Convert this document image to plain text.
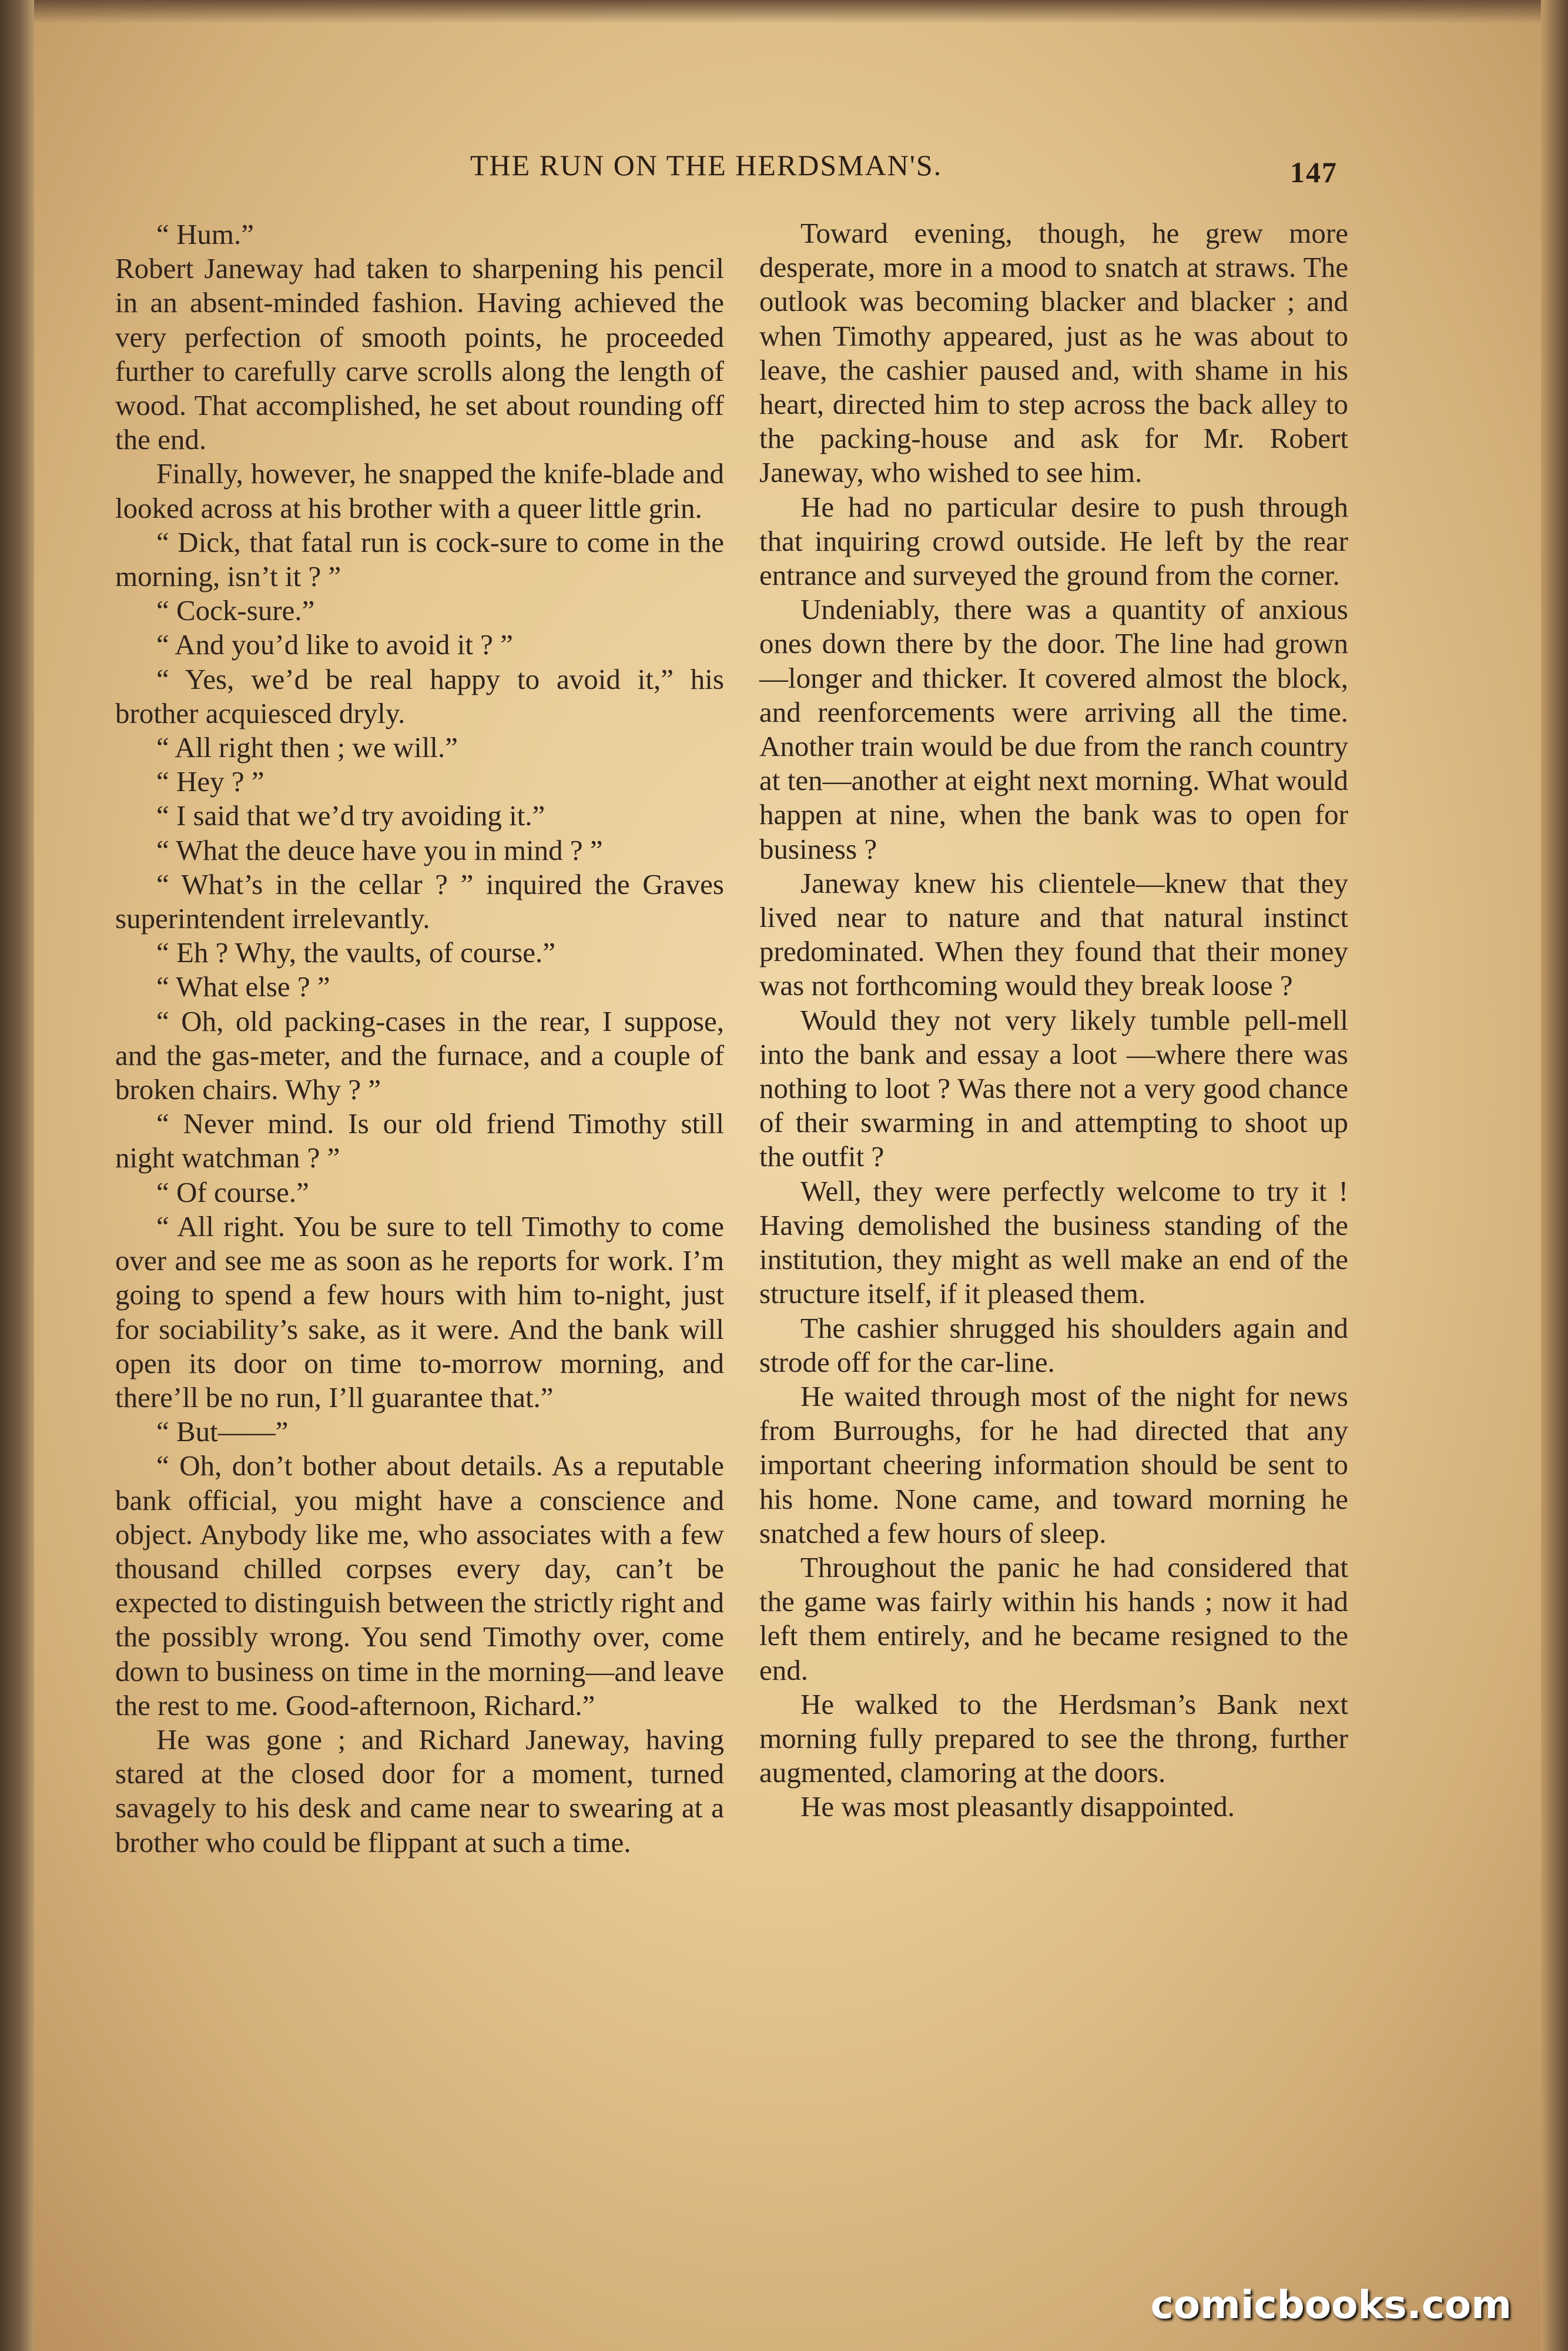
THE RUN ON THE HERDSMAN'S.	147

“ Hum.”

Robert Janeway had taken to sharpening his pencil in an absent-minded fashion. Having achieved the very perfection of smooth points, he proceeded further to carefully carve scrolls along the length of wood. That accomplished, he set about rounding off the end.

Finally, however, he snapped the knife-blade and looked across at his brother with a queer little grin.

“ Dick, that fatal run is cock-sure to come in the morning, isn’t it ? ”

“ Cock-sure.”

“ And you’d like to avoid it ? ”

“ Yes, we’d be real happy to avoid it,” his brother acquiesced dryly.

“ All right then ; we will.”

“ Hey ? ”

“ I said that we’d try avoiding it.”

“ What the deuce have you in mind ? ”

“ What’s in the cellar ? ” inquired the Graves superintendent irrelevantly.

“ Eh ? Why, the vaults, of course.”

“ What else ? ”

“ Oh, old packing-cases in the rear, I suppose, and the gas-meter, and the furnace, and a couple of broken chairs. Why ? ”

“ Never mind. Is our old friend Timothy still night watchman ? ”

“ Of course.”

“ All right. You be sure to tell Timothy to come over and see me as soon as he reports for work. I’m going to spend a few hours with him to-night, just for sociability’s sake, as it were. And the bank will open its door on time to-morrow morning, and there’ll be no run, I’ll guarantee that.”

“ But——”

“ Oh, don’t bother about details. As a reputable bank official, you might have a conscience and object. Anybody like me, who associates with a few thousand chilled corpses every day, can’t be expected to distinguish between the strictly right and the possibly wrong. You send Timothy over, come down to business on time in the morning—and leave the rest to me. Good-afternoon, Richard.”

He was gone ; and Richard Janeway, having stared at the closed door for a moment, turned savagely to his desk and came near to swearing at a brother who could be flippant at such a time.

Toward evening, though, he grew more desperate, more in a mood to snatch at straws. The outlook was becoming blacker and blacker ; and when Timothy appeared, just as he was about to leave, the cashier paused and, with shame in his heart, directed him to step across the back alley to the packing-house and ask for Mr. Robert Janeway, who wished to see him.

He had no particular desire to push through that inquiring crowd outside. He left by the rear entrance and surveyed the ground from the corner.

Undeniably, there was a quantity of anxious ones down there by the door. The line had grown—longer and thicker. It covered almost the block, and reenforcements were arriving all the time. Another train would be due from the ranch country at ten—another at eight next morning. What would happen at nine, when the bank was to open for business ?

Janeway knew his clientele—knew that they lived near to nature and that natural instinct predominated. When they found that their money was not forthcoming would they break loose ?

Would they not very likely tumble pell-mell into the bank and essay a loot —where there was nothing to loot ? Was there not a very good chance of their swarming in and attempting to shoot up the outfit ?

Well, they were perfectly welcome to try it ! Having demolished the business standing of the institution, they might as well make an end of the structure itself, if it pleased them.

The cashier shrugged his shoulders again and strode off for the car-line.

He waited through most of the night for news from Burroughs, for he had directed that any important cheering information should be sent to his home. None came, and toward morning he snatched a few hours of sleep.

Throughout the panic he had considered that the game was fairly within his hands ; now it had left them entirely, and he became resigned to the end.

He walked to the Herdsman’s Bank next morning fully prepared to see the throng, further augmented, clamoring at the doors.

He was most pleasantly disappointed.

comicbooks.com
